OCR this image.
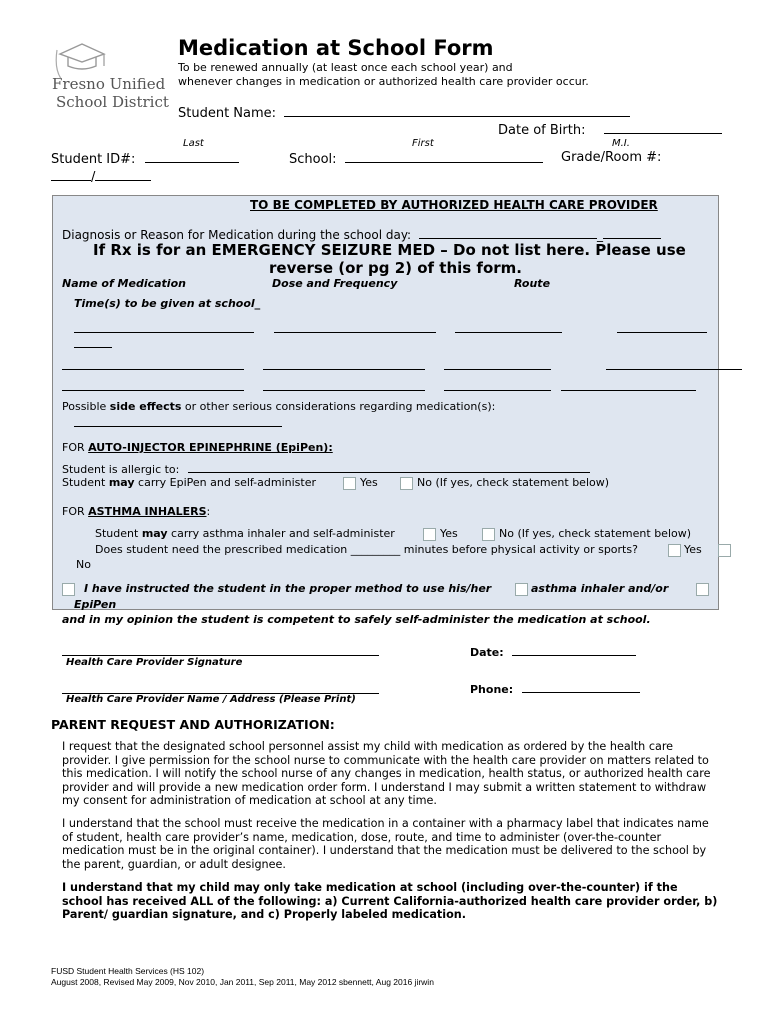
Fresno Unified
School District
Medication at School Form
To be renewed annually (at least once each school year) and
whenever changes in medication or authorized health care provider occur.
Student Name:
Date of Birth:
Last	First	M.I.
Student ID#:	School:	Grade/Room #:
/
TO BE COMPLETED BY AUTHORIZED HEALTH CARE PROVIDER
Diagnosis or Reason for Medication during the school day:	_
If Rx is for an EMERGENCY SEIZURE MED – Do not list here. Please use
reverse (or pg 2) of this form.
Name of Medication	Dose and Frequency	Route
Time(s) to be given at school_
Possible side effects or other serious considerations regarding medication(s):
FOR AUTO-INJECTOR EPINEPHRINE (EpiPen):
Student is allergic to:
Student may carry EpiPen and self-administer	Yes	No (If yes, check statement below)
FOR ASTHMA INHALERS:
Student may carry asthma inhaler and self-administer	Yes	No (If yes, check statement below)
Does student need the prescribed medication _________ minutes before physical activity or sports?	Yes
No
I have instructed the student in the proper method to use his/her	asthma inhaler and/or
EpiPen
and in my opinion the student is competent to safely self-administer the medication at school.
Health Care Provider Signature
Date:
Health Care Provider Name / Address (Please Print)
Phone:
PARENT REQUEST AND AUTHORIZATION:
I request that the designated school personnel assist my child with medication as ordered by the health care provider. I give permission for the school nurse to communicate with the health care provider on matters related to this medication. I will notify the school nurse of any changes in medication, health status, or authorized health care provider and will provide a new medication order form. I understand I may submit a written statement to withdraw my consent for administration of medication at school at any time.
I understand that the school must receive the medication in a container with a pharmacy label that indicates name of student, health care provider’s name, medication, dose, route, and time to administer (over-the-counter medication must be in the original container). I understand that the medication must be delivered to the school by the parent, guardian, or adult designee.
I understand that my child may only take medication at school (including over-the-counter) if the school has received ALL of the following: a) Current California-authorized health care provider order, b) Parent/ guardian signature, and c) Properly labeled medication.
FUSD Student Health Services (HS 102)
August 2008, Revised May 2009, Nov 2010, Jan 2011, Sep 2011, May 2012 sbennett, Aug 2016 jirwin
